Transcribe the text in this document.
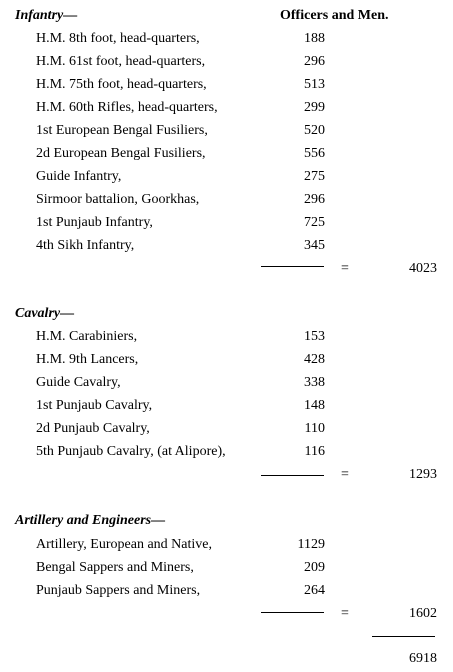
Officers and Men.
Infantry—
H.M. 8th foot, head-quarters,	188
H.M. 61st foot, head-quarters,	296
H.M. 75th foot, head-quarters,	513
H.M. 60th Rifles, head-quarters,	299
1st European Bengal Fusiliers,	520
2d European Bengal Fusiliers,	556
Guide Infantry,	275
Sirmoor battalion, Goorkhas,	296
1st Punjaub Infantry,	725
4th Sikh Infantry,	345
=	4023
Cavalry—
H.M. Carabiniers,	153
H.M. 9th Lancers,	428
Guide Cavalry,	338
1st Punjaub Cavalry,	148
2d Punjaub Cavalry,	110
5th Punjaub Cavalry, (at Alipore),	116
=	1293
Artillery and Engineers—
Artillery, European and Native,	1129
Bengal Sappers and Miners,	209
Punjaub Sappers and Miners,	264
=	1602
6918
